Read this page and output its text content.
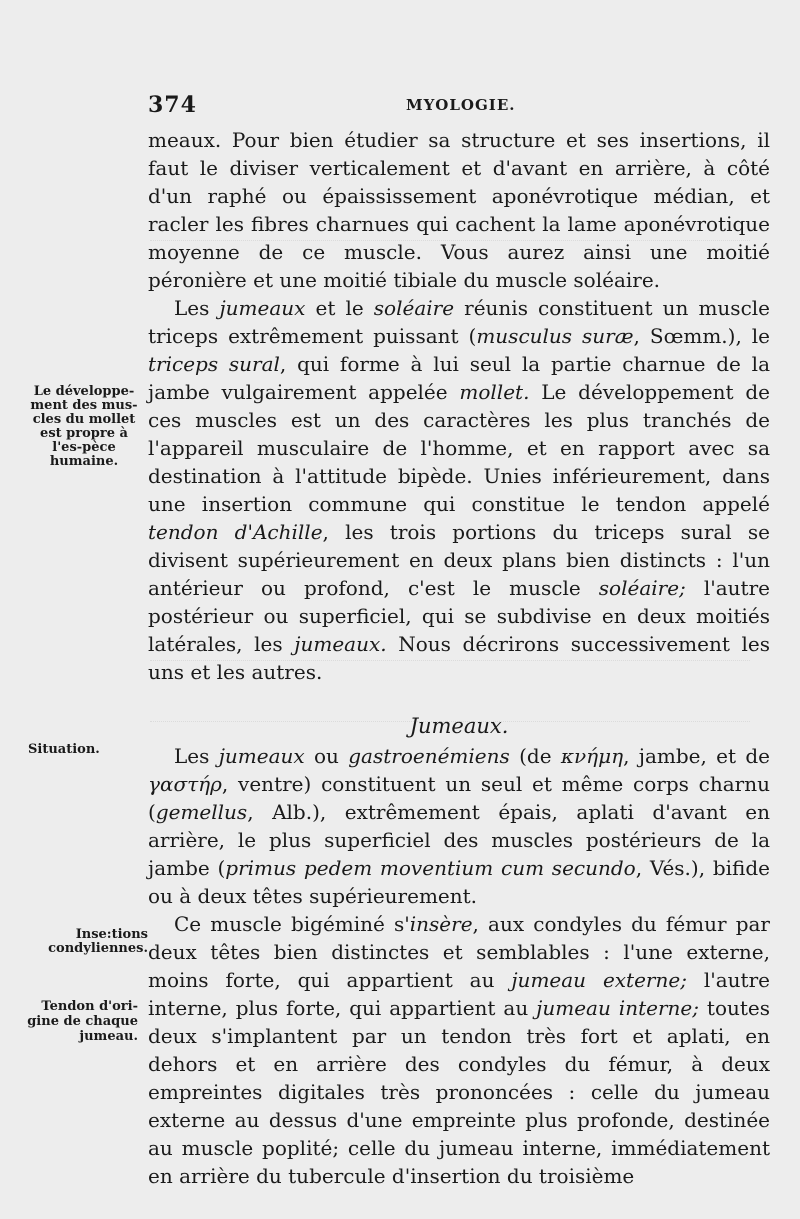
374	MYOLOGIE.
Le développe-ment des mus-cles du mollet est propre à l'es-pèce humaine.
Situation.
Inse:tions condyliennes.
Tendon d'ori-gine de chaque jumeau.

meaux. Pour bien étudier sa structure et ses insertions, il faut le diviser verticalement et d'avant en arrière, à côté d'un raphé ou épaississement aponévrotique médian, et racler les fibres charnues qui cachent la lame aponévrotique moyenne de ce muscle. Vous aurez ainsi une moitié péronière et une moitié tibiale du muscle soléaire.

Les jumeaux et le soléaire réunis constituent un muscle triceps extrêmement puissant (musculus suræ, Sœmm.), le triceps sural, qui forme à lui seul la partie charnue de la jambe vulgairement appelée mollet. Le développement de ces muscles est un des caractères les plus tranchés de l'appareil musculaire de l'homme, et en rapport avec sa destination à l'attitude bipède. Unies inférieurement, dans une insertion commune qui constitue le tendon appelé tendon d'Achille, les trois portions du triceps sural se divisent supérieurement en deux plans bien distincts : l'un antérieur ou profond, c'est le muscle soléaire; l'autre postérieur ou superficiel, qui se subdivise en deux moitiés latérales, les jumeaux. Nous décrirons successivement les uns et les autres.

Jumeaux.

Les jumeaux ou gastroenémiens (de κνήμη, jambe, et de γαστήρ, ventre) constituent un seul et même corps charnu (gemellus, Alb.), extrêmement épais, aplati d'avant en arrière, le plus superficiel des muscles postérieurs de la jambe (primus pedem moventium cum secundo, Vés.), bifide ou à deux têtes supérieurement.

Ce muscle bigéminé s'insère, aux condyles du fémur par deux têtes bien distinctes et semblables : l'une externe, moins forte, qui appartient au jumeau externe; l'autre interne, plus forte, qui appartient au jumeau interne; toutes deux s'implantent par un tendon très fort et aplati, en dehors et en arrière des condyles du fémur, à deux empreintes digitales très prononcées : celle du jumeau externe au dessus d'une empreinte plus profonde, destinée au muscle poplité; celle du jumeau interne, immédiatement en arrière du tubercule d'insertion du troisième
